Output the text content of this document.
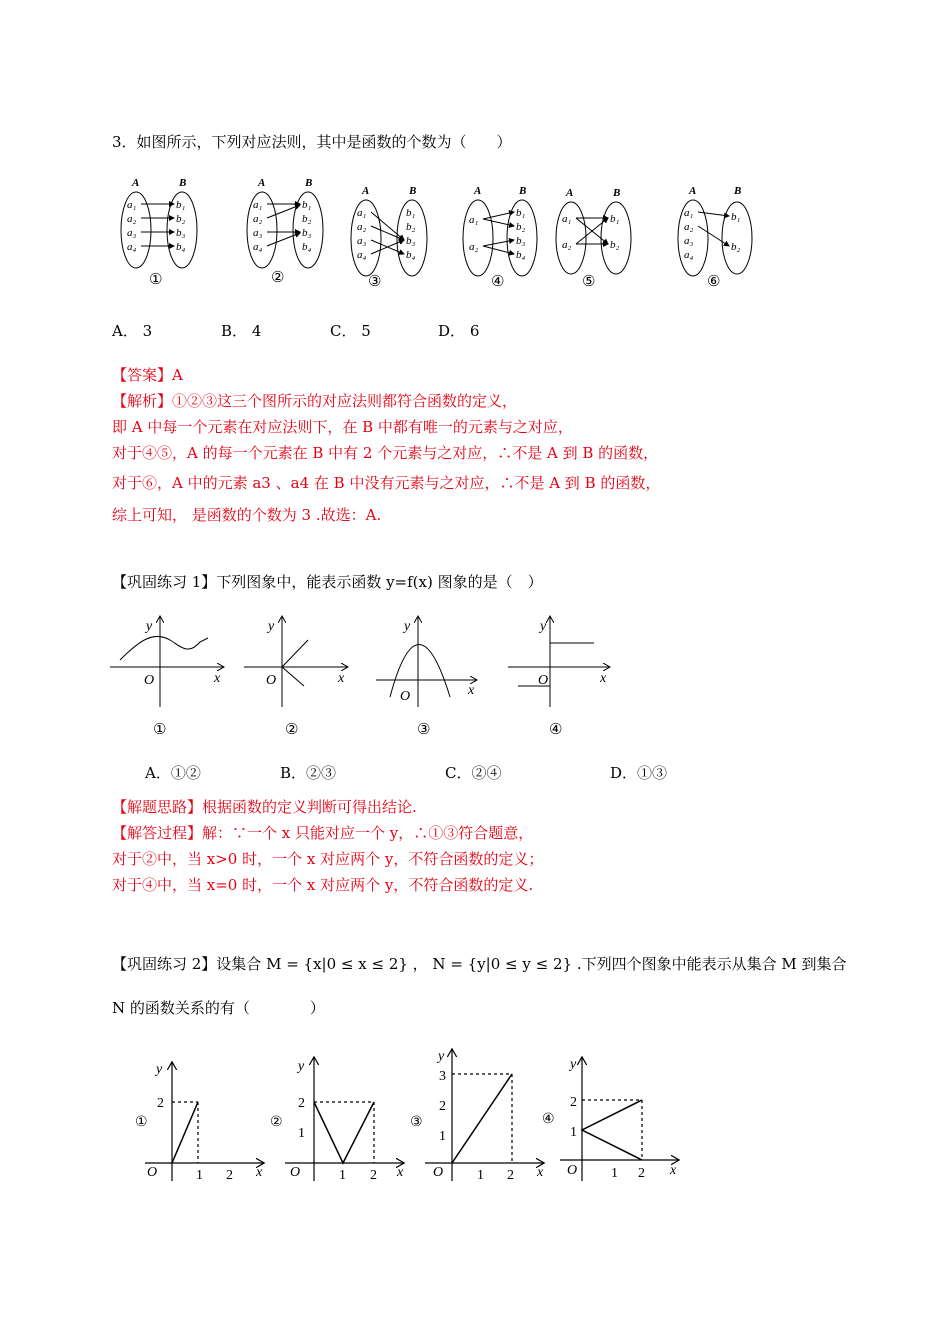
3．如图所示，下列对应法则，其中是函数的个数为（　　）
A	B
a₁
a₂
a₃
a₄
b₁
b₂
b₃
b₄
A	B
a₁
a₂
a₃
a₄
b₁
b₂
b₃
b₄
A	B
a₁
a₂
a₃
a₄
b₁
b₂
b₃
b₄
A	B
a₁
a₂
b₁
b₂
b₃
b₄
A	B
a₁
a₂
b₁
b₂
A	B
a₁
a₂
a₃
a₄
b₁
b₂
①	②	③	④	⑤	⑥
A． 3	B． 4	C． 5	D． 6
【答案】A
【解析】①②③这三个图所示的对应法则都符合函数的定义，
即 A 中每一个元素在对应法则下，在 B 中都有唯一的元素与之对应，
对于④⑤，A 的每一个元素在 B 中有 2 个元素与之对应，∴不是 A 到 B 的函数，
对于⑥，A 中的元素 a3 、a4 在 B 中没有元素与之对应，∴不是 A 到 B 的函数，
综上可知， 是函数的个数为 3 .故选：A.
【巩固练习 1】下列图象中，能表示函数 y=f(x) 图象的是（　）
y
x
O
y
x
O
y
x
O
y
x
O
①	②	③	④
A．①②	B．②③	C．②④	D．①③
【解题思路】根据函数的定义判断可得出结论.
【解答过程】解：∵一个 x 只能对应一个 y，∴①③符合题意，
对于②中，当 x>0 时，一个 x 对应两个 y，不符合函数的定义；
对于④中，当 x=0 时，一个 x 对应两个 y，不符合函数的定义.
【巩固练习 2】设集合 M = {x|0 ≤ x ≤ 2} ， N = {y|0 ≤ y ≤ 2} .下列四个图象中能表示从集合 M 到集合
N 的函数关系的有（　　　　）
①
y
2
O	1 2 x
②
y
2
1
O	1 2 x
③
y
3
2
1
O 1 2 x
④
y
2
1
O 1 2 x
